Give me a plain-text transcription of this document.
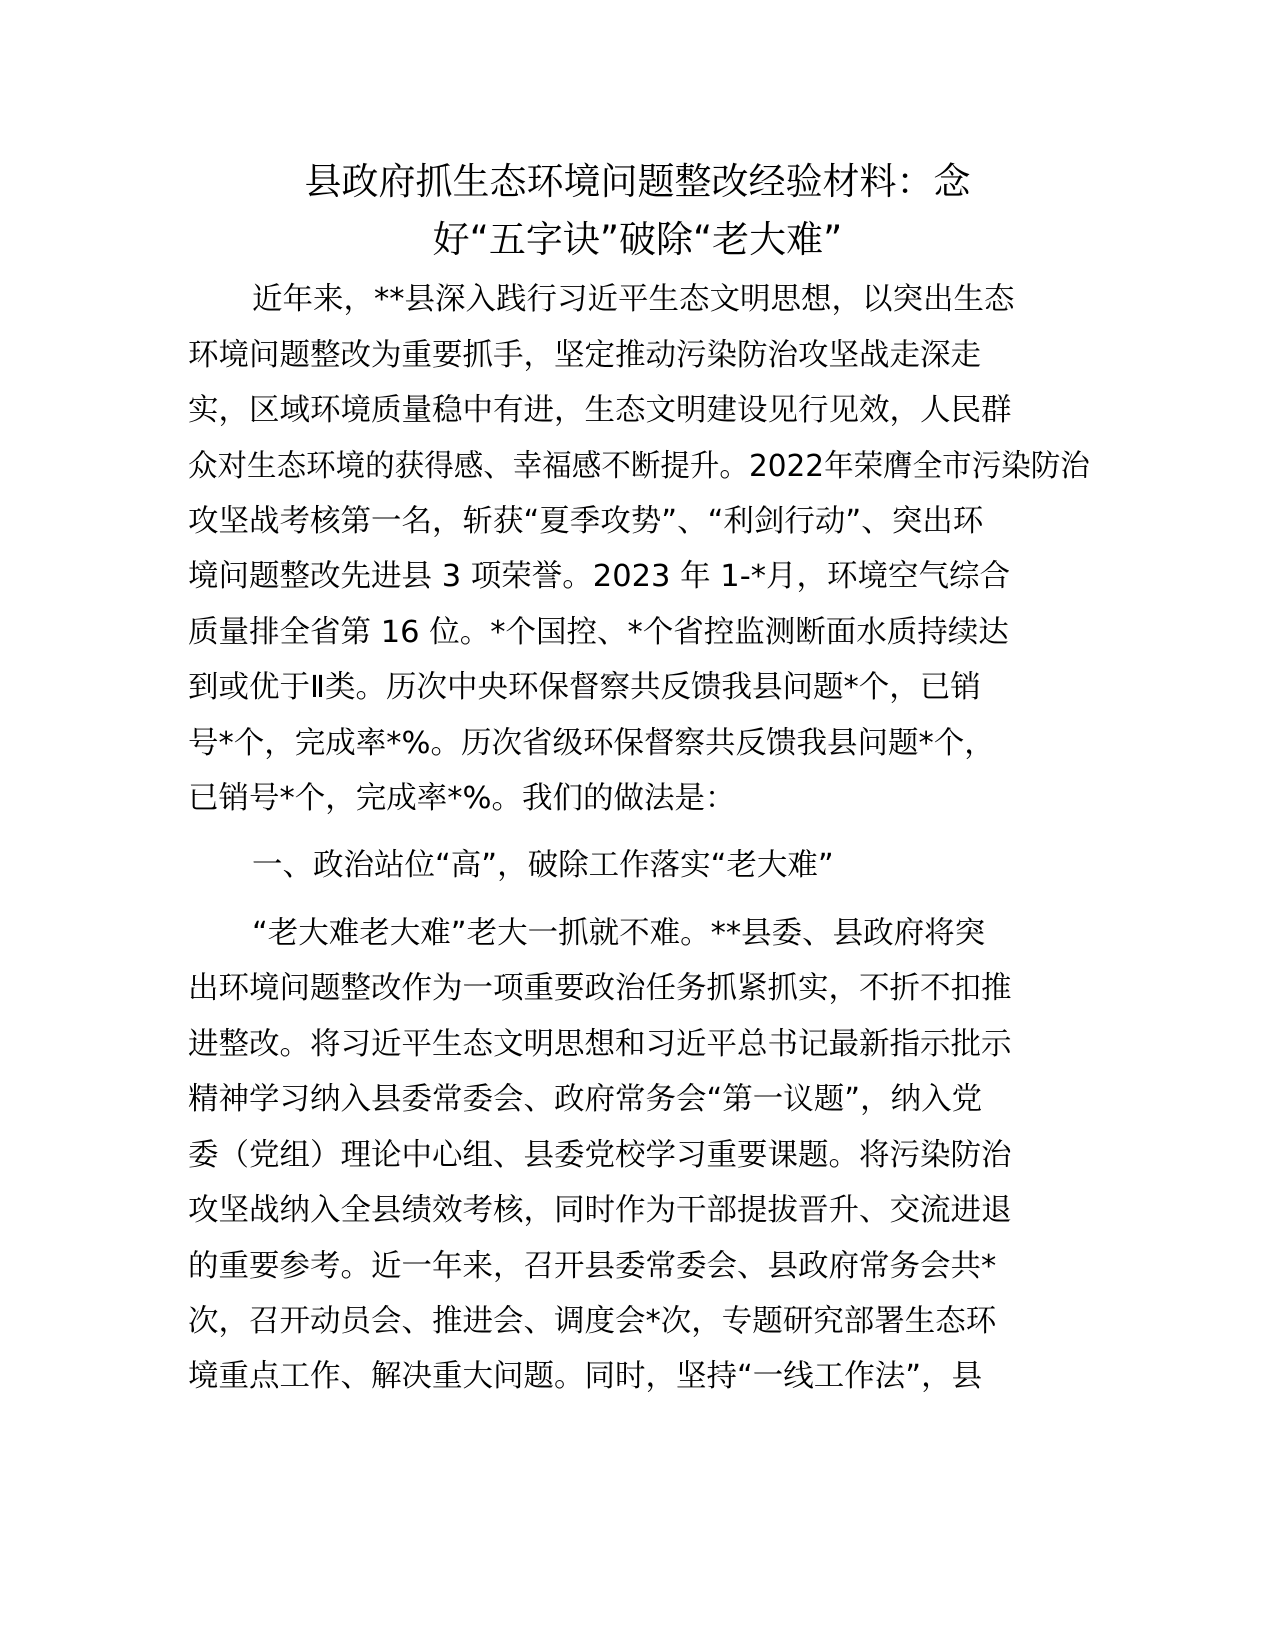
县政府抓生态环境问题整改经验材料：念
好“五字诀”破除“老大难”
近年来，**县深入践行习近平生态文明思想，以突出生态
环境问题整改为重要抓手，坚定推动污染防治攻坚战走深走
实，区域环境质量稳中有进，生态文明建设见行见效，人民群
众对生态环境的获得感、幸福感不断提升。2022年荣膺全市污染防治
攻坚战考核第一名，斩获“夏季攻势”、“利剑行动”、突出环
境问题整改先进县 3 项荣誉。2023 年 1-*月，环境空气综合
质量排全省第 16 位。*个国控、*个省控监测断面水质持续达
到或优于Ⅱ类。历次中央环保督察共反馈我县问题*个，已销
号*个，完成率*%。历次省级环保督察共反馈我县问题*个，
已销号*个，完成率*%。我们的做法是：
一、政治站位“高”，破除工作落实“老大难”
“老大难老大难”老大一抓就不难。**县委、县政府将突
出环境问题整改作为一项重要政治任务抓紧抓实，不折不扣推
进整改。将习近平生态文明思想和习近平总书记最新指示批示
精神学习纳入县委常委会、政府常务会“第一议题”，纳入党
委（党组）理论中心组、县委党校学习重要课题。将污染防治
攻坚战纳入全县绩效考核，同时作为干部提拔晋升、交流进退
的重要参考。近一年来，召开县委常委会、县政府常务会共*
次，召开动员会、推进会、调度会*次，专题研究部署生态环
境重点工作、解决重大问题。同时，坚持“一线工作法”，县
